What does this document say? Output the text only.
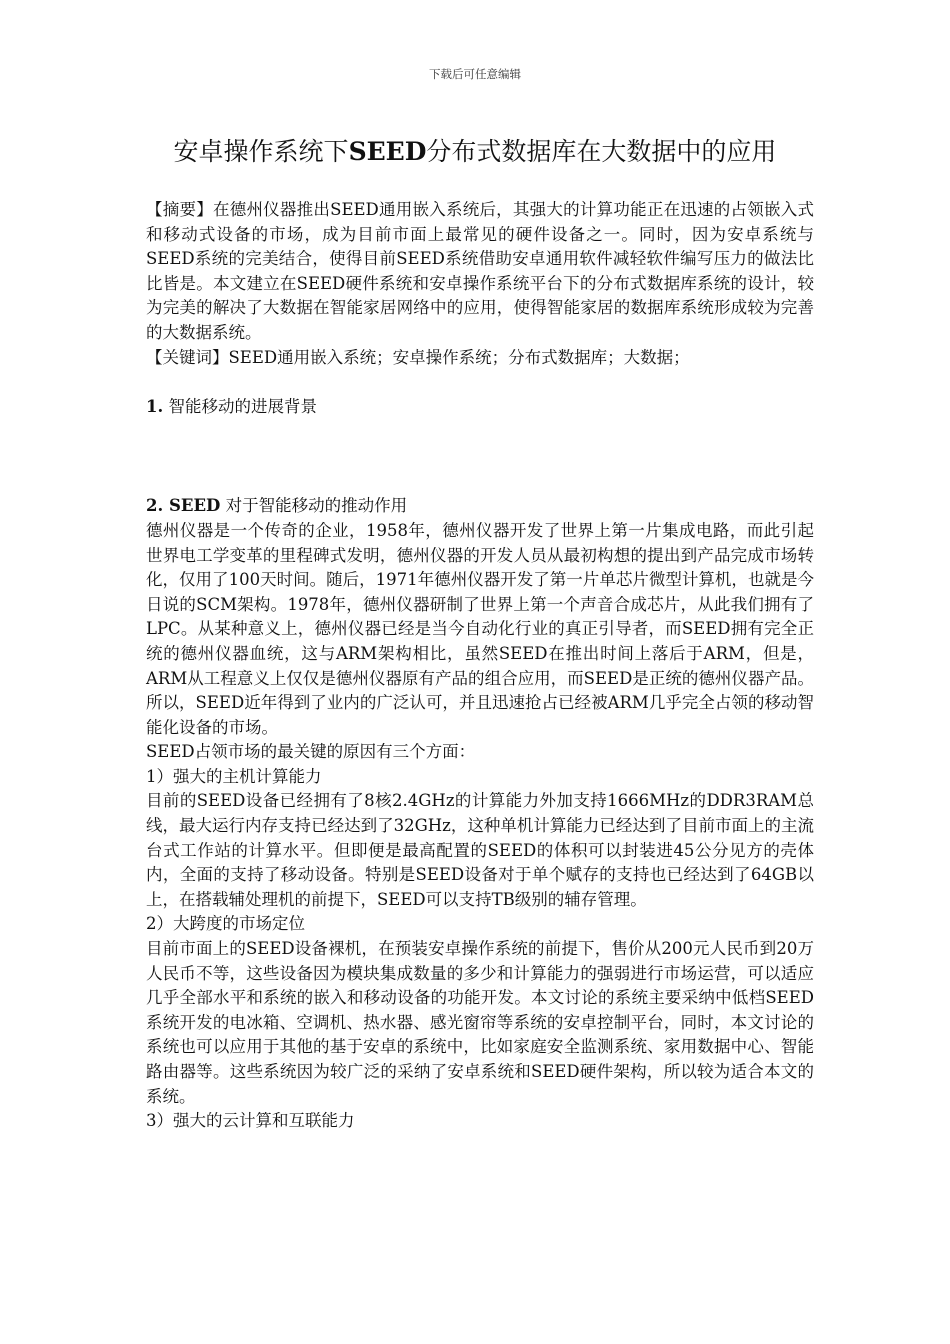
下载后可任意编辑
安卓操作系统下SEED分布式数据库在大数据中的应用

【摘要】在德州仪器推出SEED通用嵌入系统后，其强大的计算功能正在迅速的占领嵌入式和移动式设备的市场，成为目前市面上最常见的硬件设备之一。同时，因为安卓系统与SEED系统的完美结合，使得目前SEED系统借助安卓通用软件减轻软件编写压力的做法比比皆是。本文建立在SEED硬件系统和安卓操作系统平台下的分布式数据库系统的设计，较为完美的解决了大数据在智能家居网络中的应用，使得智能家居的数据库系统形成较为完善的大数据系统。

【关键词】SEED通用嵌入系统；安卓操作系统；分布式数据库；大数据；

1. 智能移动的进展背景

2. SEED 对于智能移动的推动作用

德州仪器是一个传奇的企业，1958年，德州仪器开发了世界上第一片集成电路，而此引起世界电工学变革的里程碑式发明，德州仪器的开发人员从最初构想的提出到产品完成市场转化，仅用了100天时间。随后，1971年德州仪器开发了第一片单芯片微型计算机，也就是今日说的SCM架构。1978年，德州仪器研制了世界上第一个声音合成芯片，从此我们拥有了LPC。从某种意义上，德州仪器已经是当今自动化行业的真正引导者，而SEED拥有完全正统的德州仪器血统，这与ARM架构相比，虽然SEED在推出时间上落后于ARM，但是，ARM从工程意义上仅仅是德州仪器原有产品的组合应用，而SEED是正统的德州仪器产品。所以，SEED近年得到了业内的广泛认可，并且迅速抢占已经被ARM几乎完全占领的移动智能化设备的市场。

SEED占领市场的最关键的原因有三个方面：

1）强大的主机计算能力

目前的SEED设备已经拥有了8核2.4GHz的计算能力外加支持1666MHz的DDR3RAM总线，最大运行内存支持已经达到了32GHz，这种单机计算能力已经达到了目前市面上的主流台式工作站的计算水平。但即便是最高配置的SEED的体积可以封装进45公分见方的壳体内，全面的支持了移动设备。特别是SEED设备对于单个赋存的支持也已经达到了64GB以上，在搭载辅处理机的前提下，SEED可以支持TB级别的辅存管理。

2）大跨度的市场定位

目前市面上的SEED设备裸机，在预装安卓操作系统的前提下，售价从200元人民币到20万人民币不等，这些设备因为模块集成数量的多少和计算能力的强弱进行市场运营，可以适应几乎全部水平和系统的嵌入和移动设备的功能开发。本文讨论的系统主要采纳中低档SEED系统开发的电冰箱、空调机、热水器、感光窗帘等系统的安卓控制平台，同时，本文讨论的系统也可以应用于其他的基于安卓的系统中，比如家庭安全监测系统、家用数据中心、智能路由器等。这些系统因为较广泛的采纳了安卓系统和SEED硬件架构，所以较为适合本文的系统。

3）强大的云计算和互联能力
